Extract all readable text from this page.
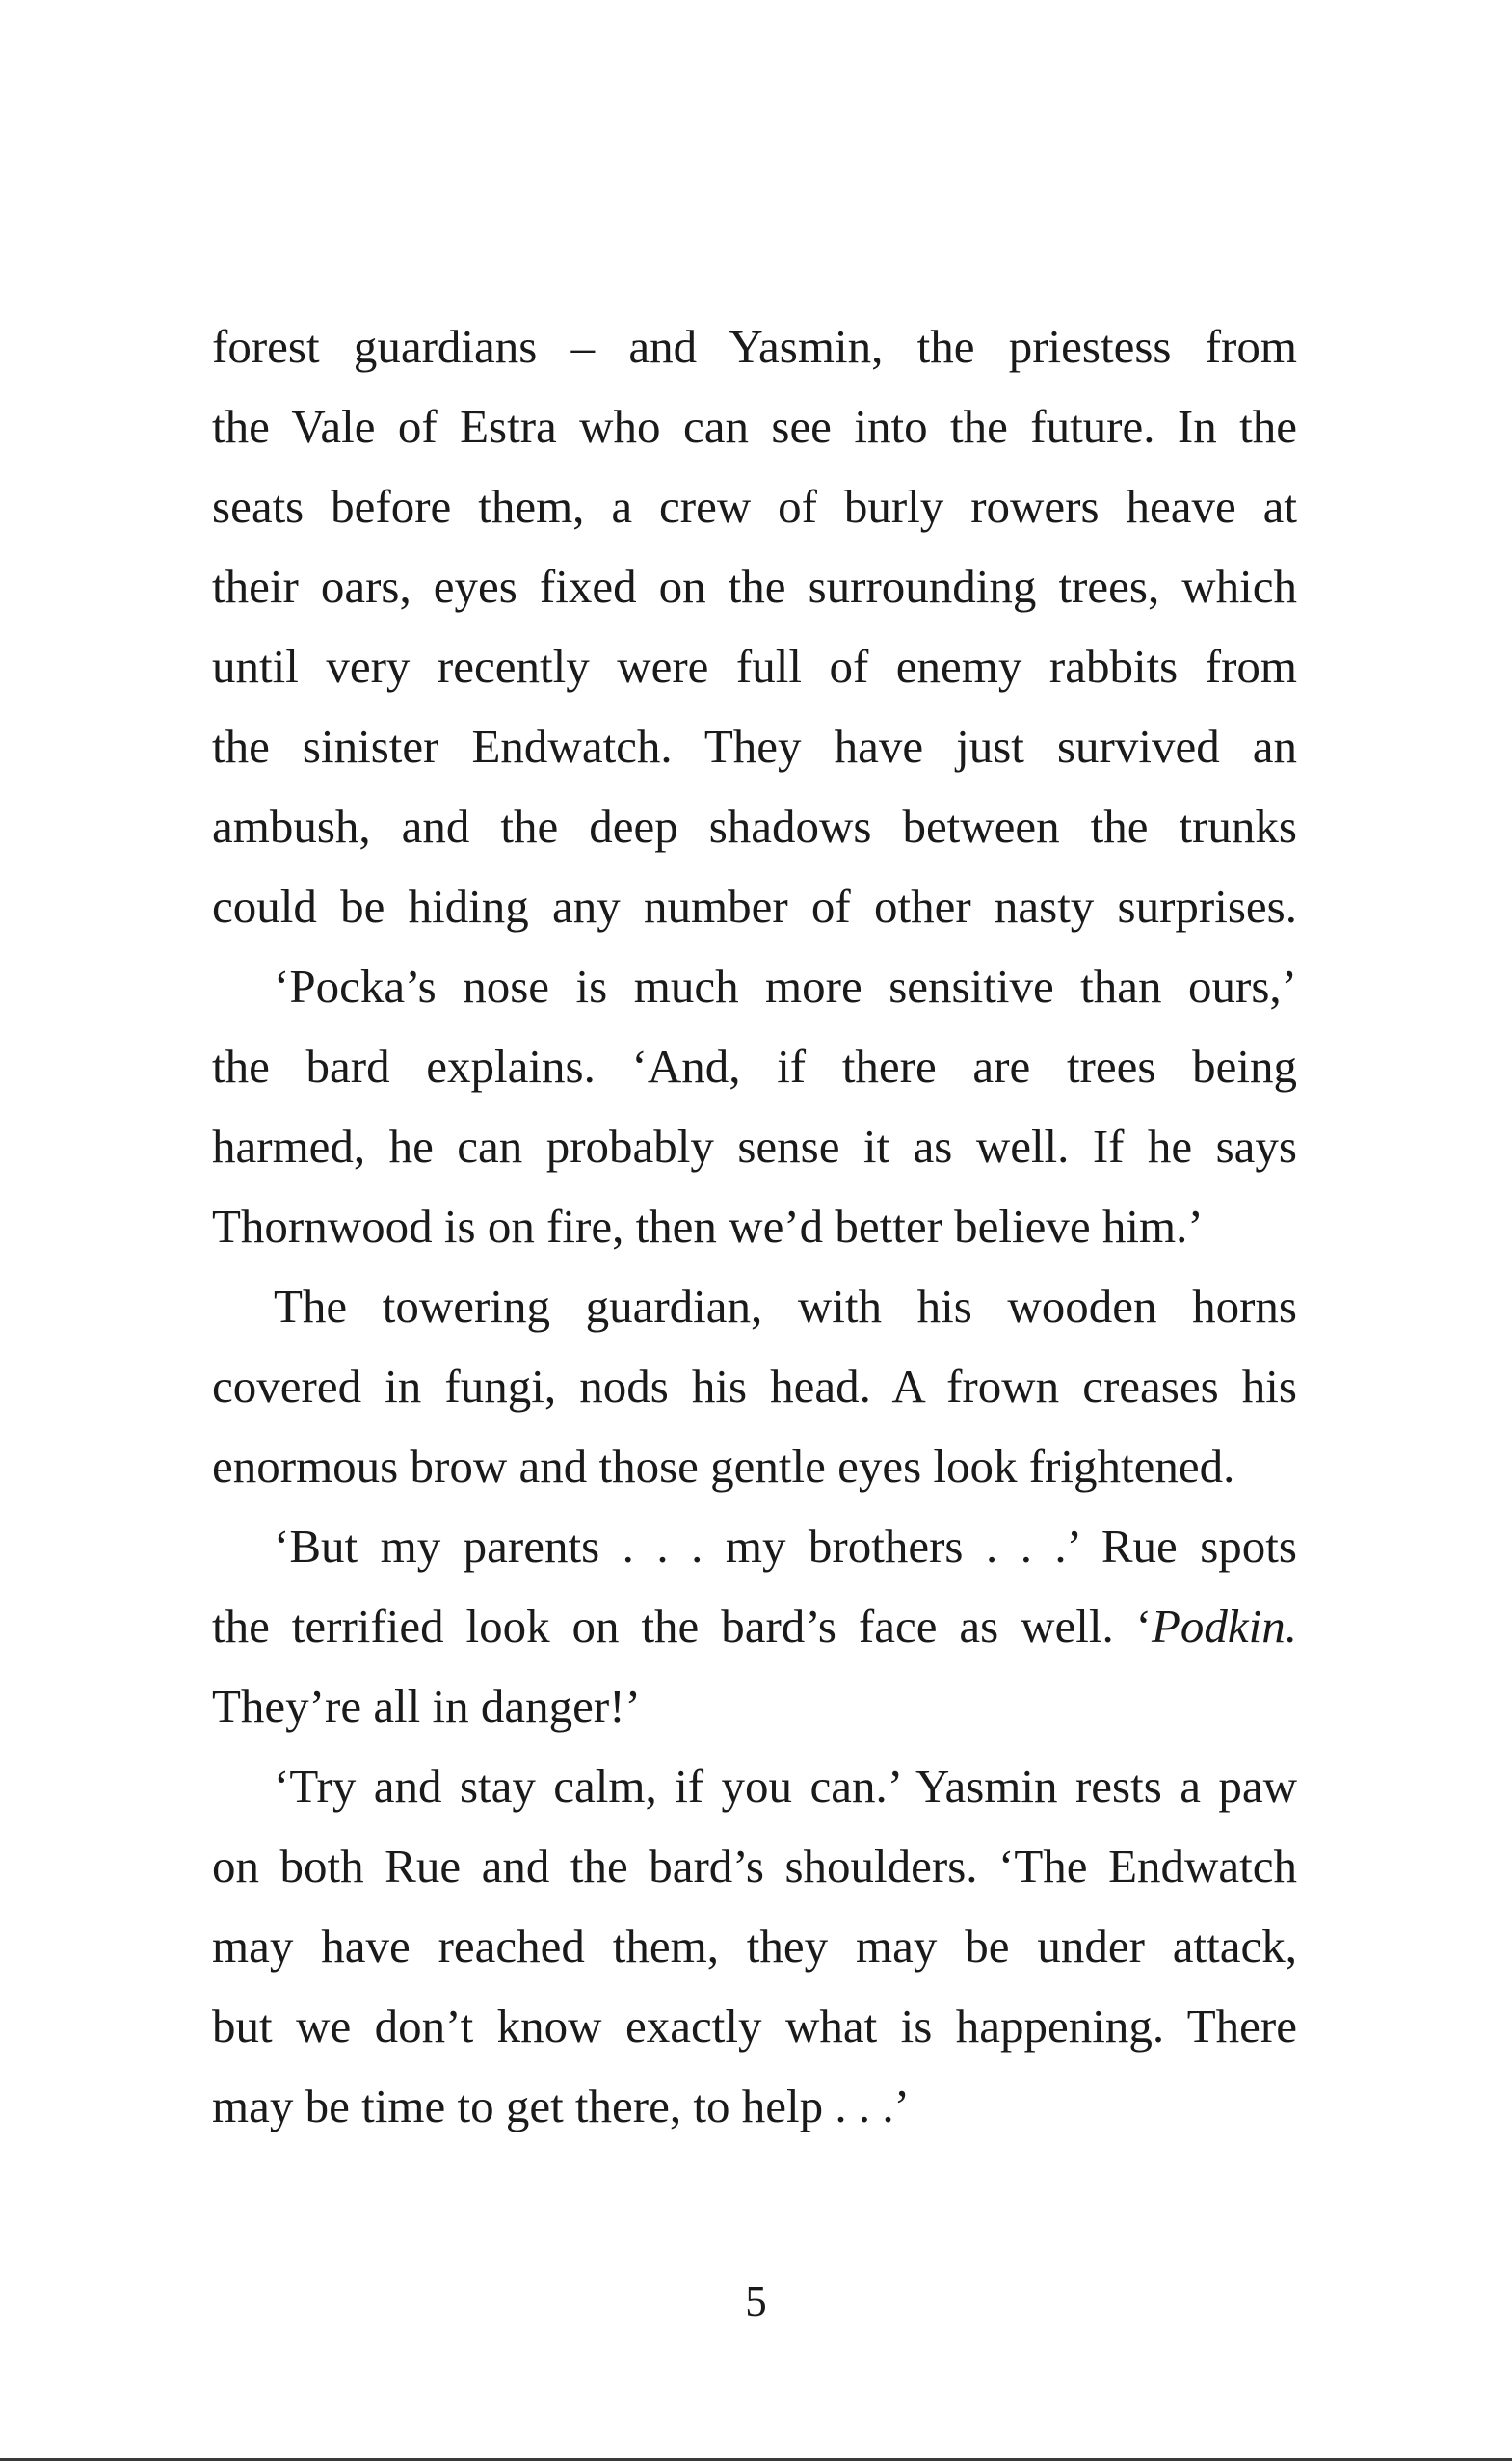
forest guardians – and Yasmin, the priestess from
the Vale of Estra who can see into the future. In the
seats before them, a crew of burly rowers heave at
their oars, eyes fixed on the surrounding trees, which
until very recently were full of enemy rabbits from
the sinister Endwatch. They have just survived an
ambush, and the deep shadows between the trunks
could be hiding any number of other nasty surprises.
‘Pocka’s nose is much more sensitive than ours,’
the bard explains. ‘And, if there are trees being
harmed, he can probably sense it as well. If he says
Thornwood is on fire, then we’d better believe him.’
The towering guardian, with his wooden horns
covered in fungi, nods his head. A frown creases his
enormous brow and those gentle eyes look frightened.
‘But my parents . . . my brothers . . .’ Rue spots
the terrified look on the bard’s face as well. ‘Podkin.
They’re all in danger!’
‘Try and stay calm, if you can.’ Yasmin rests a paw
on both Rue and the bard’s shoulders. ‘The Endwatch
may have reached them, they may be under attack,
but we don’t know exactly what is happening. There
may be time to get there, to help . . .’
5
